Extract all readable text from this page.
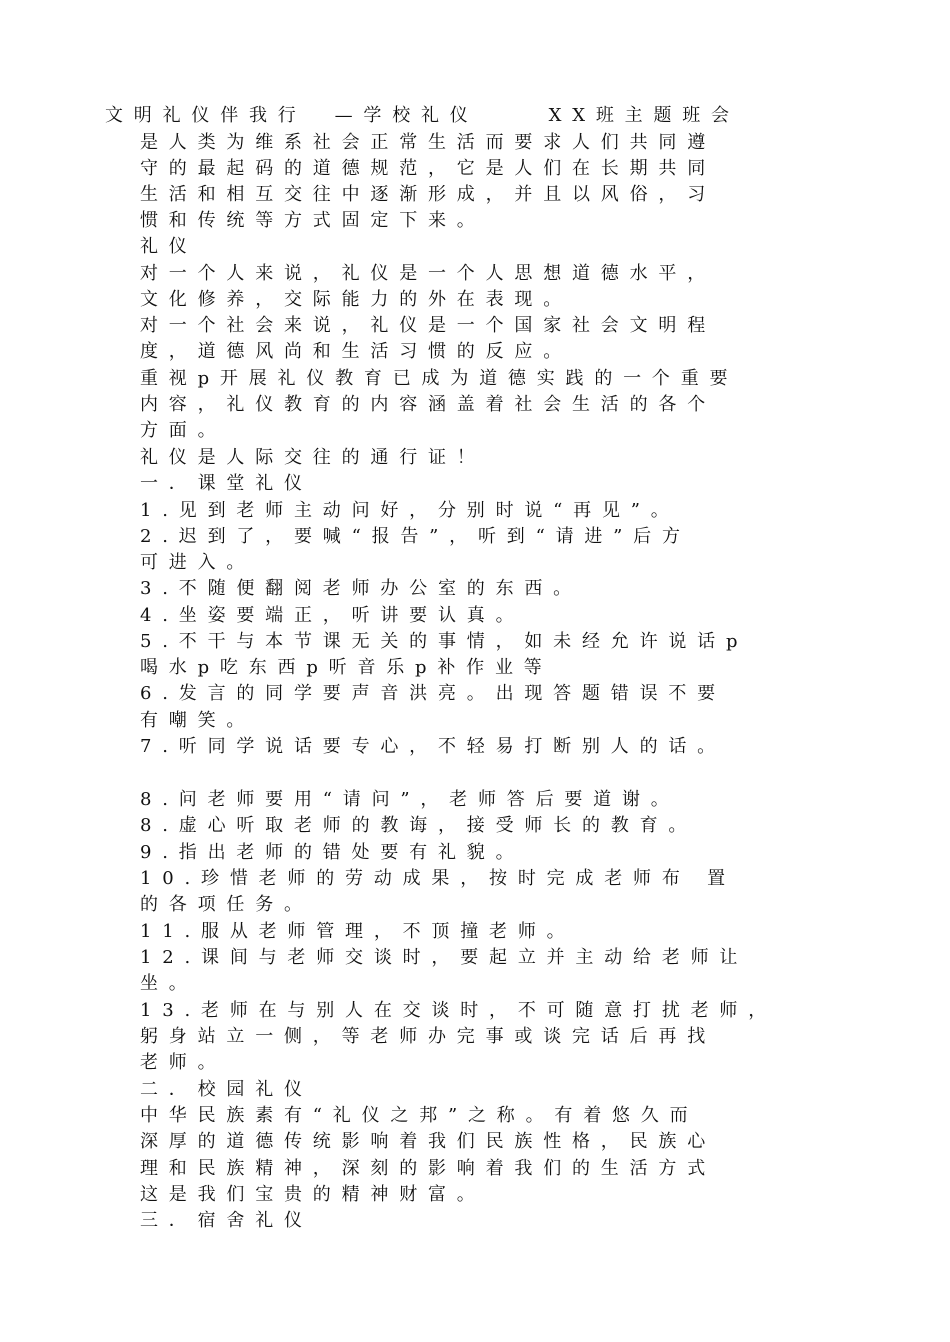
文明礼仪伴我行 —学校礼仪	XX班主题班会
是人类为维系社会正常生活而要求人们共同遵
守的最起码的道德规范，它是人们在长期共同
生活和相互交往中逐渐形成，并且以风俗，习
惯和传统等方式固定下来。
礼仪
对一个人来说，礼仪是一个人思想道德水平，
文化修养，交际能力的外在表现。
对一个社会来说，礼仪是一个国家社会文明程
度，道德风尚和生活习惯的反应。
重视p开展礼仪教育已成为道德实践的一个重要
内容，礼仪教育的内容涵盖着社会生活的各个
方面。
礼仪是人际交往的通行证！
一．课堂礼仪
1.见到老师主动问好，分别时说“再见”。
2.迟到了，要喊“报告”，听到“请进”后方
可进入。
3.不随便翻阅老师办公室的东西。
4.坐姿要端正，听讲要认真。
5.不干与本节课无关的事情，如未经允许说话p
喝水p吃东西p听音乐p补作业等
6.发言的同学要声音洪亮。出现答题错误不要
有嘲笑。
7.听同学说话要专心，不轻易打断别人的话。
8.问老师要用“请问”，老师答后要道谢。
8.虚心听取老师的教诲，接受师长的教育。
9.指出老师的错处要有礼貌。
10.珍惜老师的劳动成果，按时完成老师布 置
的各项任务。
11.服从老师管理，不顶撞老师。
12.课间与老师交谈时，要起立并主动给老师让
坐。
13.老师在与别人在交谈时，不可随意打扰老师，
躬身站立一侧，等老师办完事或谈完话后再找
老师。
二．校园礼仪
中华民族素有“礼仪之邦”之称。有着悠久而
深厚的道德传统影响着我们民族性格，民族心
理和民族精神，深刻的影响着我们的生活方式
这是我们宝贵的精神财富。
三．宿舍礼仪
